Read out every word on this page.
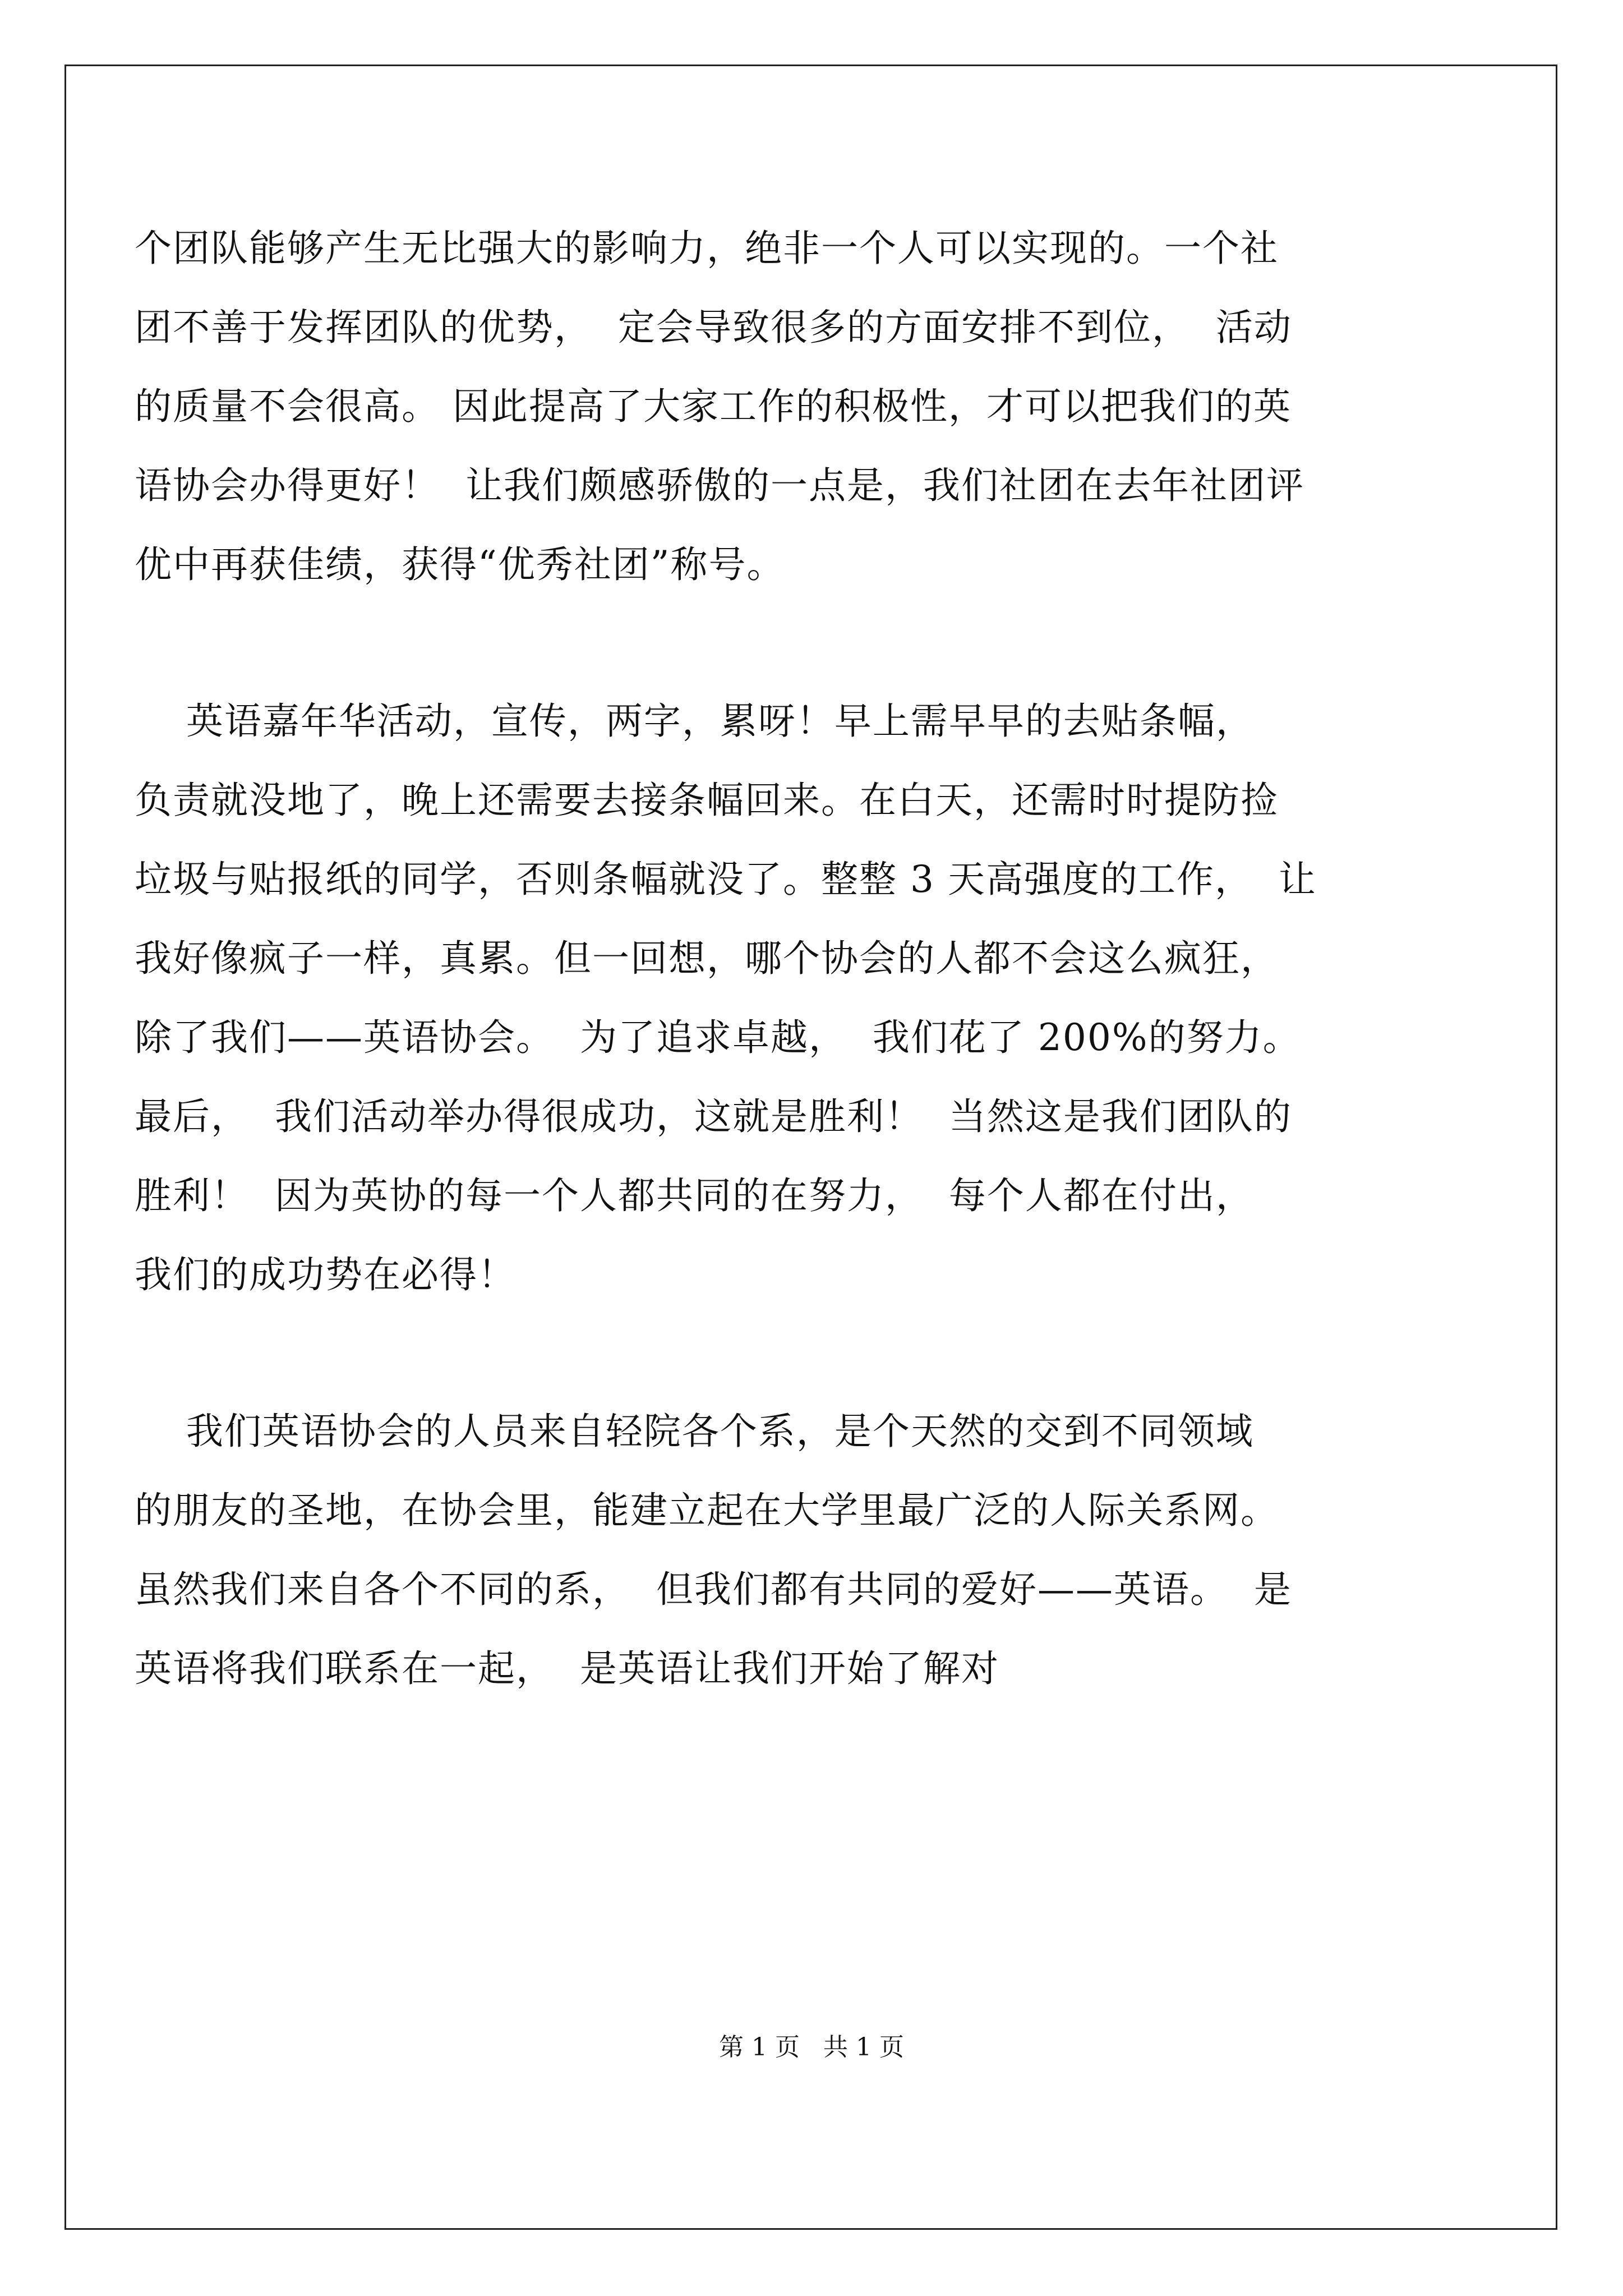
个团队能够产生无比强大的影响力，绝非一个人可以实现的。一个社
团不善于发挥团队的优势，  定会导致很多的方面安排不到位，  活动
的质量不会很高。 因此提高了大家工作的积极性，才可以把我们的英
语协会办得更好！  让我们颇感骄傲的一点是，我们社团在去年社团评
优中再获佳绩，获得“优秀社团”称号。
英语嘉年华活动，宣传，两字，累呀！早上需早早的去贴条幅，
负责就没地了，晚上还需要去接条幅回来。在白天，还需时时提防捡
垃圾与贴报纸的同学，否则条幅就没了。整整 3 天高强度的工作，  让
我好像疯子一样，真累。但一回想，哪个协会的人都不会这么疯狂，
除了我们——英语协会。  为了追求卓越，  我们花了 200%的努力。
最后，  我们活动举办得很成功，这就是胜利！  当然这是我们团队的
胜利！  因为英协的每一个人都共同的在努力，  每个人都在付出，
我们的成功势在必得！
我们英语协会的人员来自轻院各个系，是个天然的交到不同领域
的朋友的圣地，在协会里，能建立起在大学里最广泛的人际关系网。
虽然我们来自各个不同的系，  但我们都有共同的爱好——英语。  是
英语将我们联系在一起，  是英语让我们开始了解对
第 1 页   共 1 页
